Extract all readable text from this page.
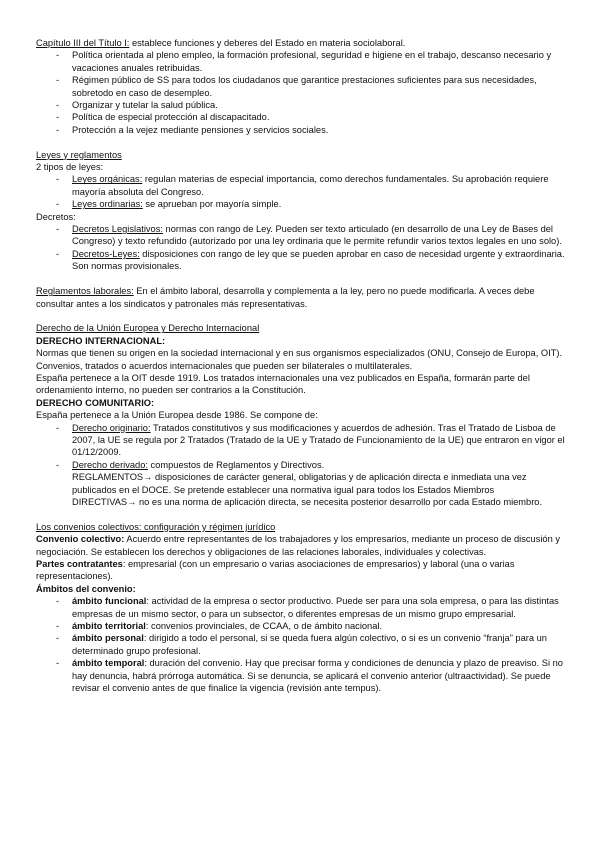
Capítulo III del Título I: establece funciones y deberes del Estado en materia sociolaboral.

- Política orientada al pleno empleo, la formación profesional, seguridad e higiene en el trabajo, descanso necesario y vacaciones anuales retribuidas.
- Régimen público de SS para todos los ciudadanos que garantice prestaciones suficientes para sus necesidades, sobretodo en caso de desempleo.
- Organizar y tutelar la salud pública.
- Política de especial protección al discapacitado.
- Protección a la vejez mediante pensiones y servicios sociales.

Leyes y reglamentos

2 tipos de leyes:

- Leyes orgánicas: regulan materias de especial importancia, como derechos fundamentales. Su aprobación requiere mayoría absoluta del Congreso.
- Leyes ordinarias: se aprueban por mayoría simple.

Decretos:

- Decretos Legislativos: normas con rango de Ley. Pueden ser texto articulado (en desarrollo de una Ley de Bases del Congreso) y texto refundido (autorizado por una ley ordinaria que le permite refundir varios textos legales en uno solo).
- Decretos-Leyes: disposiciones con rango de ley que se pueden aprobar en caso de necesidad urgente y extraordinaria. Son normas provisionales.

Reglamentos laborales: En el ámbito laboral, desarrolla y complementa a la ley, pero no puede modificarla. A veces debe consultar antes a los sindicatos y patronales más representativas.

Derecho de la Unión Europea y Derecho Internacional

DERECHO INTERNACIONAL:

Normas que tienen su origen en la sociedad internacional y en sus organismos especializados (ONU, Consejo de Europa, OIT). Convenios, tratados o acuerdos internacionales que pueden ser bilaterales o multilaterales.

España pertenece a la OIT desde 1919. Los tratados internacionales una vez publicados en España, formarán parte del ordenamiento interno, no pueden ser contrarios a la Constitución.

DERECHO COMUNITARIO:

España pertenece a la Unión Europea desde 1986. Se compone de:

- Derecho originario: Tratados constitutivos y sus modificaciones y acuerdos de adhesión. Tras el Tratado de Lisboa de 2007, la UE se regula por 2 Tratados (Tratado de la UE y Tratado de Funcionamiento de la UE) que entraron en vigor el 01/12/2009.
- Derecho derivado: compuestos de Reglamentos y Directivos.
REGLAMENTOS→ disposiciones de carácter general, obligatorias y de aplicación directa e inmediata una vez publicados en el DOCE. Se pretende establecer una normativa igual para todos los Estados Miembros
DIRECTIVAS→ no es una norma de aplicación directa, se necesita posterior desarrollo por cada Estado miembro.

Los convenios colectivos: configuración y régimen jurídico

Convenio colectivo: Acuerdo entre representantes de los trabajadores y los empresarios, mediante un proceso de discusión y negociación. Se establecen los derechos y obligaciones de las relaciones laborales, individuales y colectivas.

Partes contratantes: empresarial (con un empresario o varias asociaciones de empresarios) y laboral (una o varias representaciones).

Ámbitos del convenio:

- ámbito funcional: actividad de la empresa o sector productivo. Puede ser para una sola empresa, o para las distintas empresas de un mismo sector, o para un subsector, o diferentes empresas de un mismo grupo empresarial.
- ámbito territorial: convenios provinciales, de CCAA, o de ámbito nacional.
- ámbito personal: dirigido a todo el personal, si se queda fuera algún colectivo, o si es un convenio “franja” para un determinado grupo profesional.
- ámbito temporal: duración del convenio. Hay que precisar forma y condiciones de denuncia y plazo de preaviso. Si no hay denuncia, habrá prórroga automática. Si se denuncia, se aplicará el convenio anterior (ultraactividad). Se puede revisar el convenio antes de que finalice la vigencia (revisión ante tempus).
